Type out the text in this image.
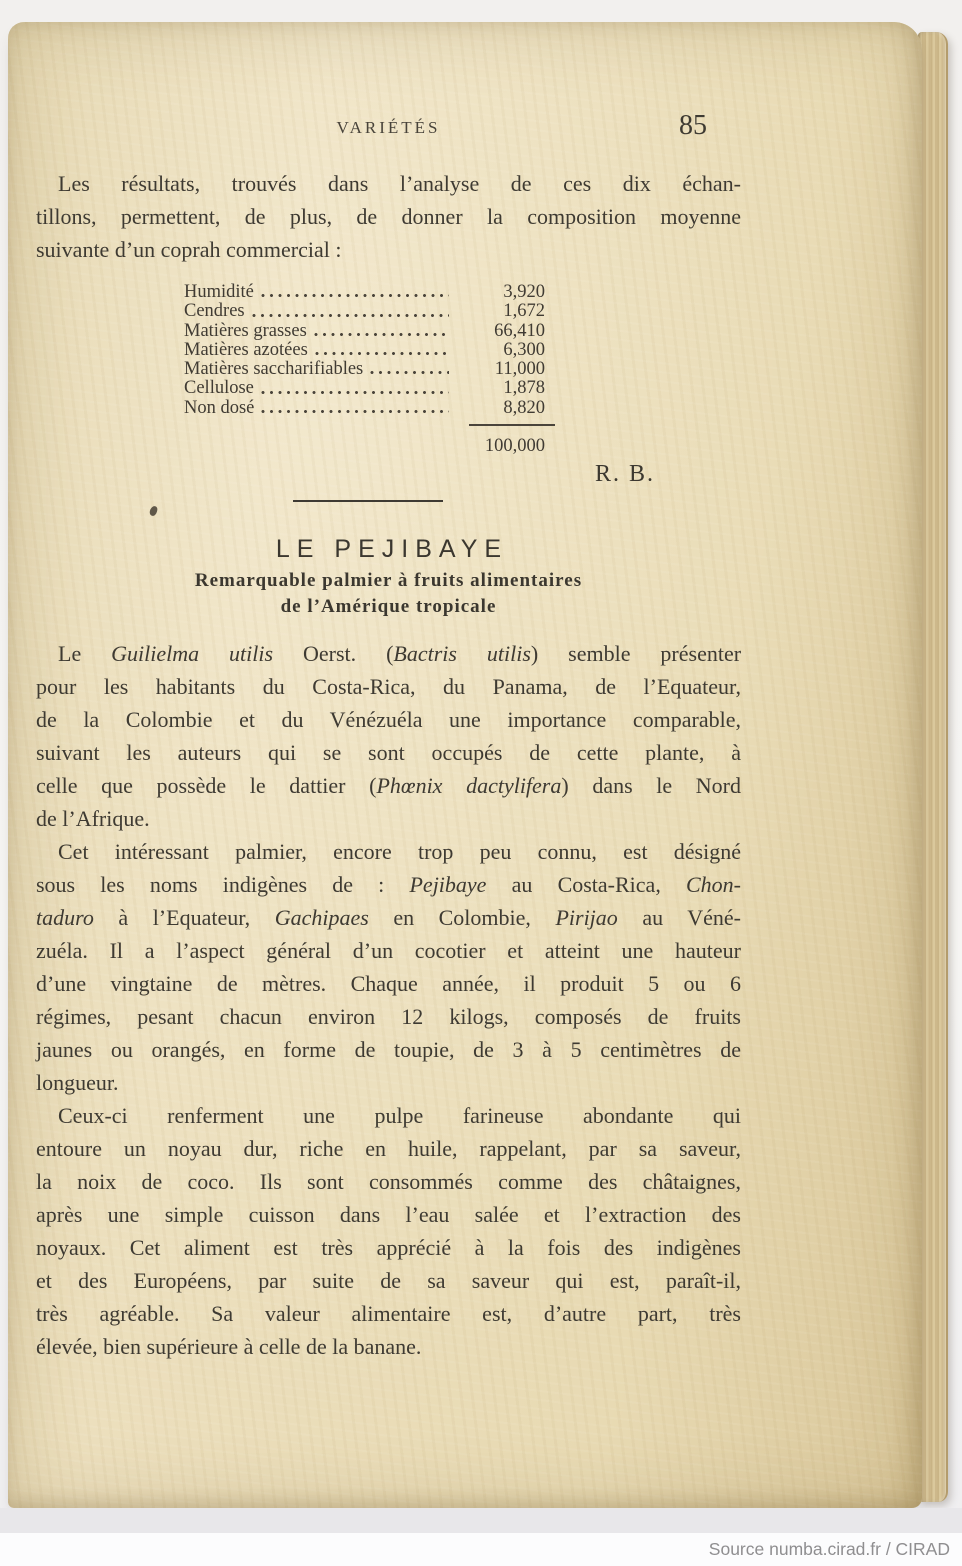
VARIÉTÉS	85
Les résultats, trouvés dans l’analyse de ces dix échan-
tillons, permettent, de plus, de donner la composition moyenne
suivante d’un coprah commercial :
Humidité	3,920
Cendres	1,672
Matières grasses	66,410
Matières azotées	6,300
Matières saccharifiables	11,000
Cellulose	1,878
Non dosé	8,820
100,000
R. B.
LE PEJIBAYE
Remarquable palmier à fruits alimentaires
de l’Amérique tropicale
Le Guilielma utilis Oerst. (Bactris utilis) semble présenter
pour les habitants du Costa-Rica, du Panama, de l’Equateur,
de la Colombie et du Vénézuéla une importance comparable,
suivant les auteurs qui se sont occupés de cette plante, à
celle que possède le dattier (Phœnix dactylifera) dans le Nord
de l’Afrique.
Cet intéressant palmier, encore trop peu connu, est désigné
sous les noms indigènes de : Pejibaye au Costa-Rica, Chon-
taduro à l’Equateur, Gachipaes en Colombie, Pirijao au Véné-
zuéla. Il a l’aspect général d’un cocotier et atteint une hauteur
d’une vingtaine de mètres. Chaque année, il produit 5 ou 6
régimes, pesant chacun environ 12 kilogs, composés de fruits
jaunes ou orangés, en forme de toupie, de 3 à 5 centimètres de
longueur.
Ceux-ci renferment une pulpe farineuse abondante qui
entoure un noyau dur, riche en huile, rappelant, par sa saveur,
la noix de coco. Ils sont consommés comme des châtaignes,
après une simple cuisson dans l’eau salée et l’extraction des
noyaux. Cet aliment est très apprécié à la fois des indigènes
et des Européens, par suite de sa saveur qui est, paraît-il,
très agréable. Sa valeur alimentaire est, d’autre part, très
élevée, bien supérieure à celle de la banane.
Source numba.cirad.fr / CIRAD
